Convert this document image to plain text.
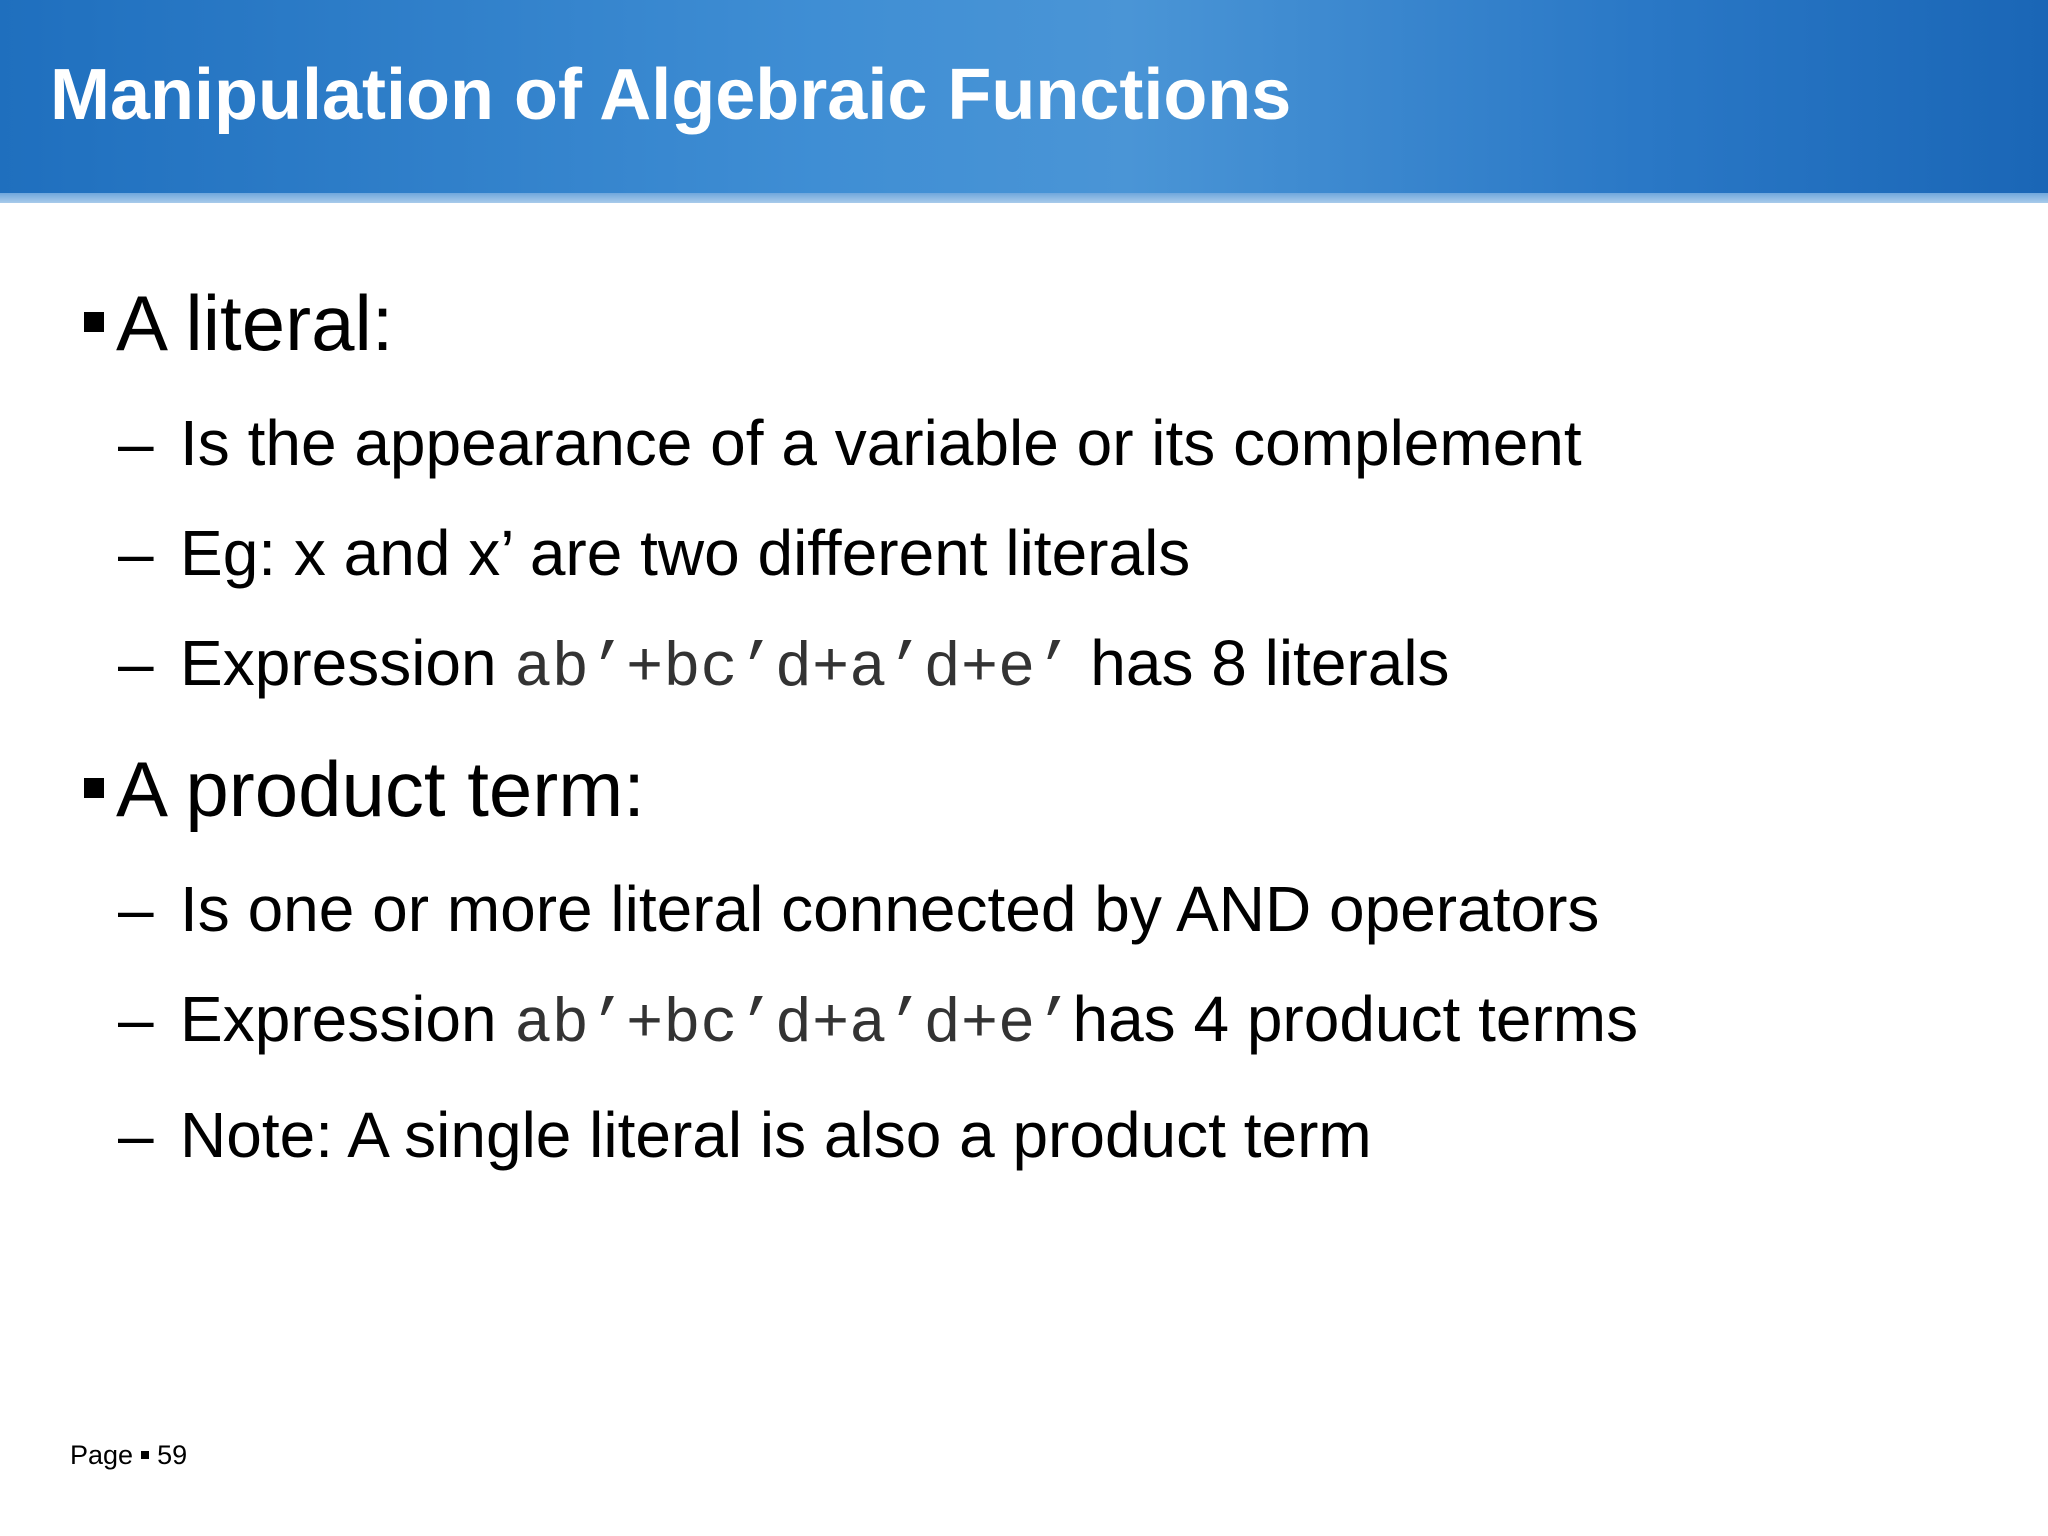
Manipulation of Algebraic Functions
A literal:
– Is the appearance of a variable or its complement
– Eg: x and x’ are two different literals
– Expression ab’+bc’d+a’d+e’ has 8 literals
A product term:
– Is one or more literal connected by AND operators
– Expression ab’+bc’d+a’d+e’has 4 product terms
– Note: A single literal is also a product term
Page 59
